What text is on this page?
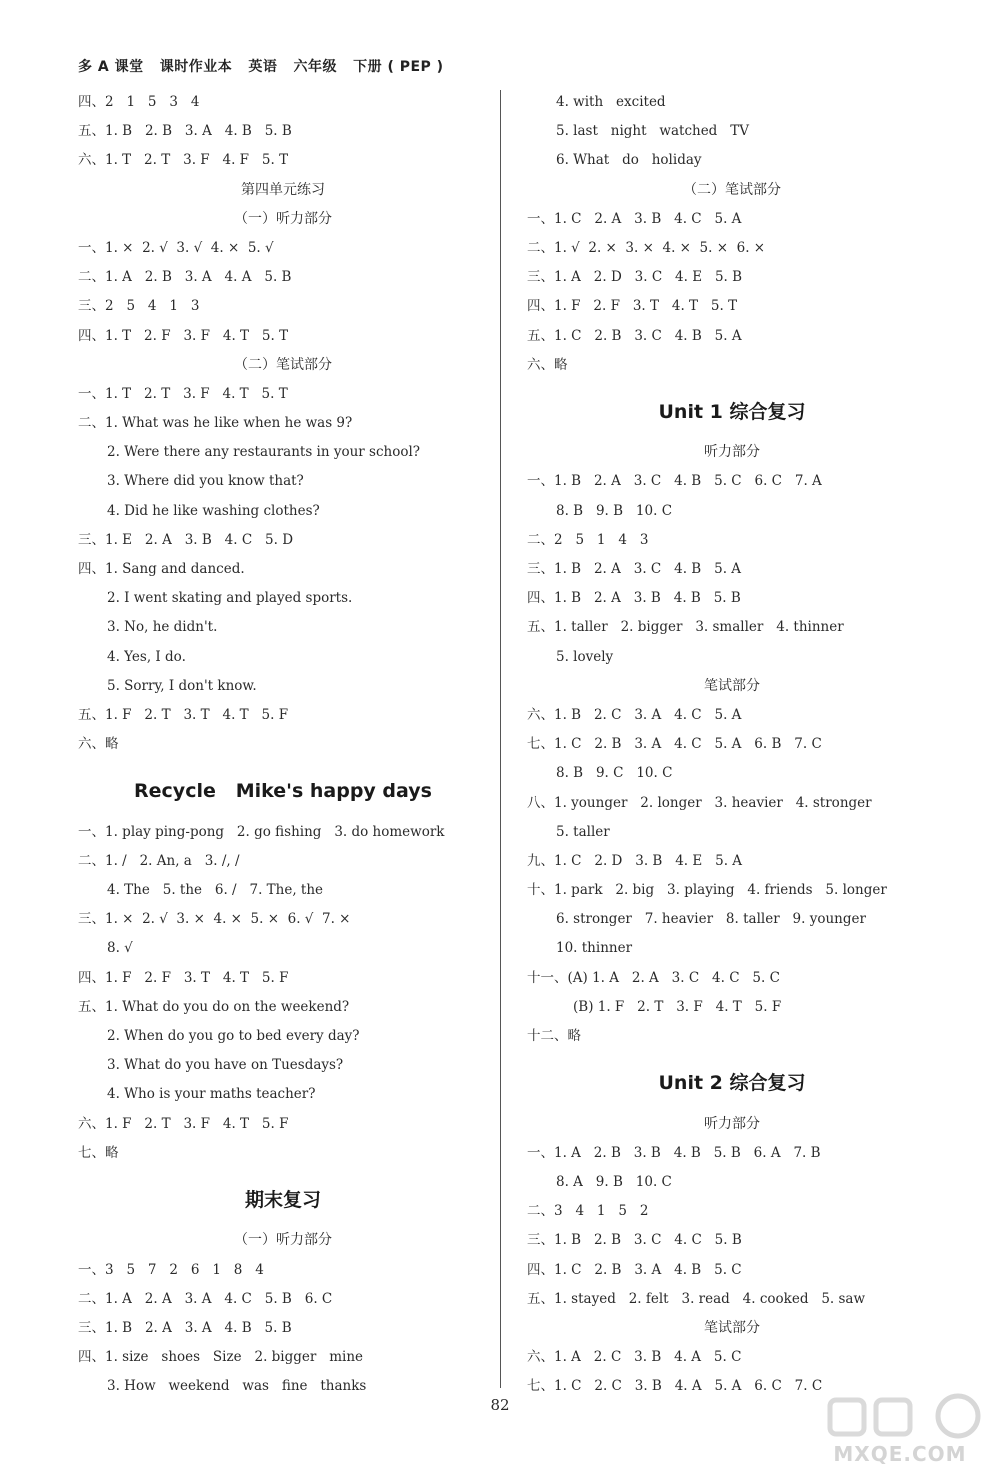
多 A 课堂   课时作业本   英语   六年级   下册 ( PEP )
四、2   1   5   3   4
五、1. B   2. B   3. A   4. B   5. B
六、1. T   2. T   3. F   4. F   5. T
第四单元练习
（一）听力部分
一、1. ×  2. √  3. √  4. ×  5. √
二、1. A   2. B   3. A   4. A   5. B
三、2   5   4   1   3
四、1. T   2. F   3. F   4. T   5. T
（二）笔试部分
一、1. T   2. T   3. F   4. T   5. T
二、1. What was he like when he was 9?
2. Were there any restaurants in your school?
3. Where did you know that?
4. Did he like washing clothes?
三、1. E   2. A   3. B   4. C   5. D
四、1. Sang and danced.
2. I went skating and played sports.
3. No, he didn't.
4. Yes, I do.
5. Sorry, I don't know.
五、1. F   2. T   3. T   4. T   5. F
六、略
Recycle   Mike's happy days
一、1. play ping-pong   2. go fishing   3. do homework
二、1. /   2. An, a   3. /, /
4. The   5. the   6. /   7. The, the
三、1. ×  2. √  3. ×  4. ×  5. ×  6. √  7. ×
8. √
四、1. F   2. F   3. T   4. T   5. F
五、1. What do you do on the weekend?
2. When do you go to bed every day?
3. What do you have on Tuesdays?
4. Who is your maths teacher?
六、1. F   2. T   3. F   4. T   5. F
七、略
期末复习
（一）听力部分
一、3   5   7   2   6   1   8   4
二、1. A   2. A   3. A   4. C   5. B   6. C
三、1. B   2. A   3. A   4. B   5. B
四、1. size   shoes   Size   2. bigger   mine
3. How   weekend   was   fine   thanks
4. with   excited
5. last   night   watched   TV
6. What   do   holiday
（二）笔试部分
一、1. C   2. A   3. B   4. C   5. A
二、1. √  2. ×  3. ×  4. ×  5. ×  6. ×
三、1. A   2. D   3. C   4. E   5. B
四、1. F   2. F   3. T   4. T   5. T
五、1. C   2. B   3. C   4. B   5. A
六、略
Unit 1 综合复习
听力部分
一、1. B   2. A   3. C   4. B   5. C   6. C   7. A
8. B   9. B   10. C
二、2   5   1   4   3
三、1. B   2. A   3. C   4. B   5. A
四、1. B   2. A   3. B   4. B   5. B
五、1. taller   2. bigger   3. smaller   4. thinner
5. lovely
笔试部分
六、1. B   2. C   3. A   4. C   5. A
七、1. C   2. B   3. A   4. C   5. A   6. B   7. C
8. B   9. C   10. C
八、1. younger   2. longer   3. heavier   4. stronger
5. taller
九、1. C   2. D   3. B   4. E   5. A
十、1. park   2. big   3. playing   4. friends   5. longer
6. stronger   7. heavier   8. taller   9. younger
10. thinner
十一、(A) 1. A   2. A   3. C   4. C   5. C
(B) 1. F   2. T   3. F   4. T   5. F
十二、略
Unit 2 综合复习
听力部分
一、1. A   2. B   3. B   4. B   5. B   6. A   7. B
8. A   9. B   10. C
二、3   4   1   5   2
三、1. B   2. B   3. C   4. C   5. B
四、1. C   2. B   3. A   4. B   5. C
五、1. stayed   2. felt   3. read   4. cooked   5. saw
笔试部分
六、1. A   2. C   3. B   4. A   5. C
七、1. C   2. C   3. B   4. A   5. A   6. C   7. C
82
MXQE.COM
